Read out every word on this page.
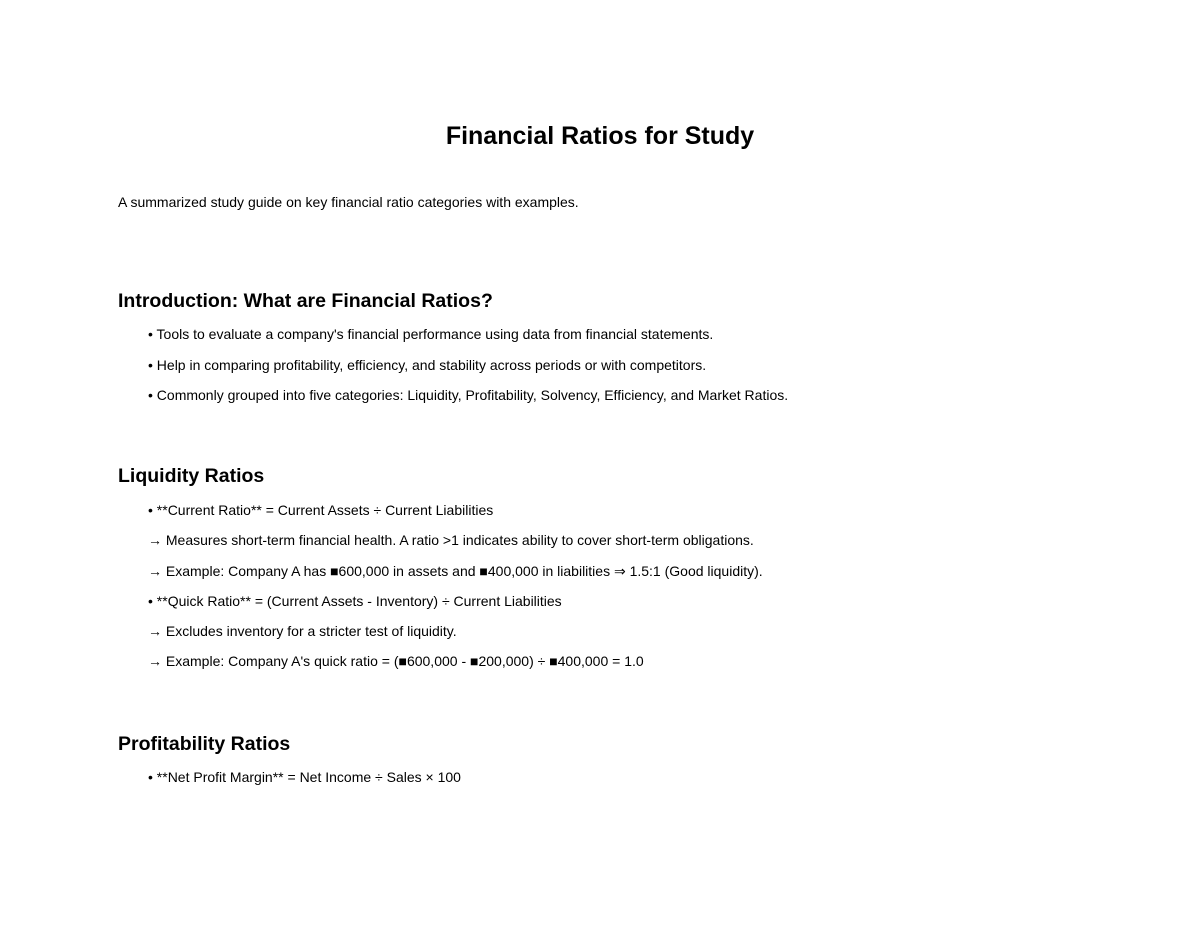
Financial Ratios for Study

A summarized study guide on key financial ratio categories with examples.

Introduction: What are Financial Ratios?

• Tools to evaluate a company's financial performance using data from financial statements.

• Help in comparing profitability, efficiency, and stability across periods or with competitors.

• Commonly grouped into five categories: Liquidity, Profitability, Solvency, Efficiency, and Market Ratios.

Liquidity Ratios

• **Current Ratio** = Current Assets ÷ Current Liabilities

→ Measures short-term financial health. A ratio >1 indicates ability to cover short-term obligations.

→ Example: Company A has ■600,000 in assets and ■400,000 in liabilities ⇒ 1.5:1 (Good liquidity).

• **Quick Ratio** = (Current Assets - Inventory) ÷ Current Liabilities

→ Excludes inventory for a stricter test of liquidity.

→ Example: Company A's quick ratio = (■600,000 - ■200,000) ÷ ■400,000 = 1.0

Profitability Ratios

• **Net Profit Margin** = Net Income ÷ Sales × 100
